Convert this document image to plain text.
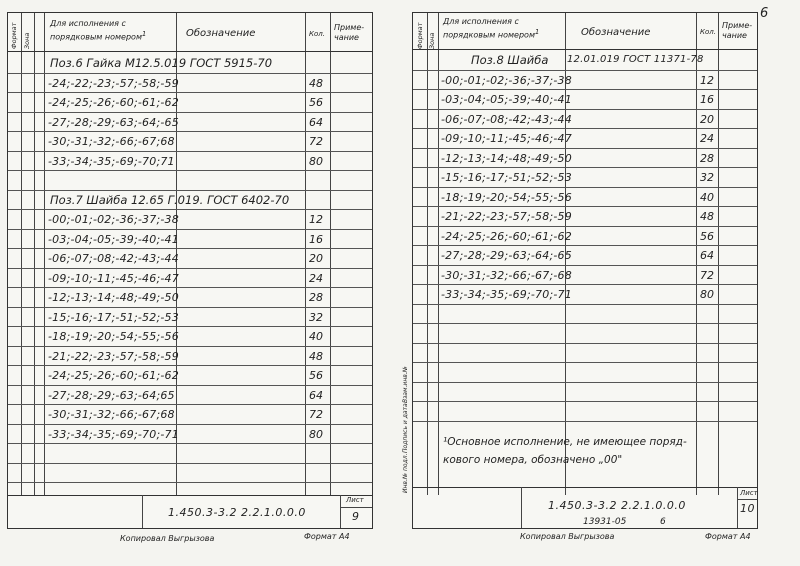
Формат Зона
Для исполнения с порядковым номером$^1$	Обозначение	Кол.
Приме-чание
Поз.6 Гайка М12.5.019 ГОСТ 5915-70
-24;-22;-23;-57;-58;-59	48
-24;-25;-26;-60;-61;-62	56
-27;-28;-29;-63;-64;-65	64
-30;-31;-32;-66;-67;68	72
-33;-34;-35;-69;-70;71	80
Поз.7 Шайба 12.65 Г.019. ГОСТ 6402-70
-00;-01;-02;-36;-37;-38	12
-03;-04;-05;-39;-40;-41	16
-06;-07;-08;-42;-43;-44	20
-09;-10;-11;-45;-46;-47	24
-12;-13;-14;-48;-49;-50	28
-15;-16;-17;-51;-52;-53	32
-18;-19;-20;-54;-55;-56	40
-21;-22;-23;-57;-58;-59	48
-24;-25;-26;-60;-61;-62	56
-27;-28;-29;-63;-64;65	64
-30;-31;-32;-66;-67;68	72
-33;-34;-35;-69;-70;-71	80
1.450.3-3.2 2.2.1.0.0.0
Лист
9
Копировал Выгрызова	Формат А4
6
Формат Зона
Для исполнения с порядковым номером$^1$	Обозначение	Кол.
Приме-чание
Поз.8 Шайба 12.01.019 ГОСТ 11371-78
-00;-01;-02;-36;-37;-38	12
-03;-04;-05;-39;-40;-41	16
-06;-07;-08;-42;-43;-44	20
-09;-10;-11;-45;-46;-47	24
-12;-13;-14;-48;-49;-50	28
-15;-16;-17;-51;-52;-53	32
-18;-19;-20;-54;-55;-56	40
-21;-22;-23;-57;-58;-59	48
-24;-25;-26;-60;-61;-62	56
-27;-28;-29;-63;-64;-65	64
-30;-31;-32;-66;-67;-68	72
-33;-34;-35;-69;-70;-71	80
¹Основное исполнение, не имеющее поряд-
кового номера, обозначено „00"
Инв.№ подл.
Подпись и дата
Взам.инв.№
1.450.3-3.2 2.2.1.0.0.0
Лист
10
13931-05	6
Копировал Выгрызова	Формат А4
